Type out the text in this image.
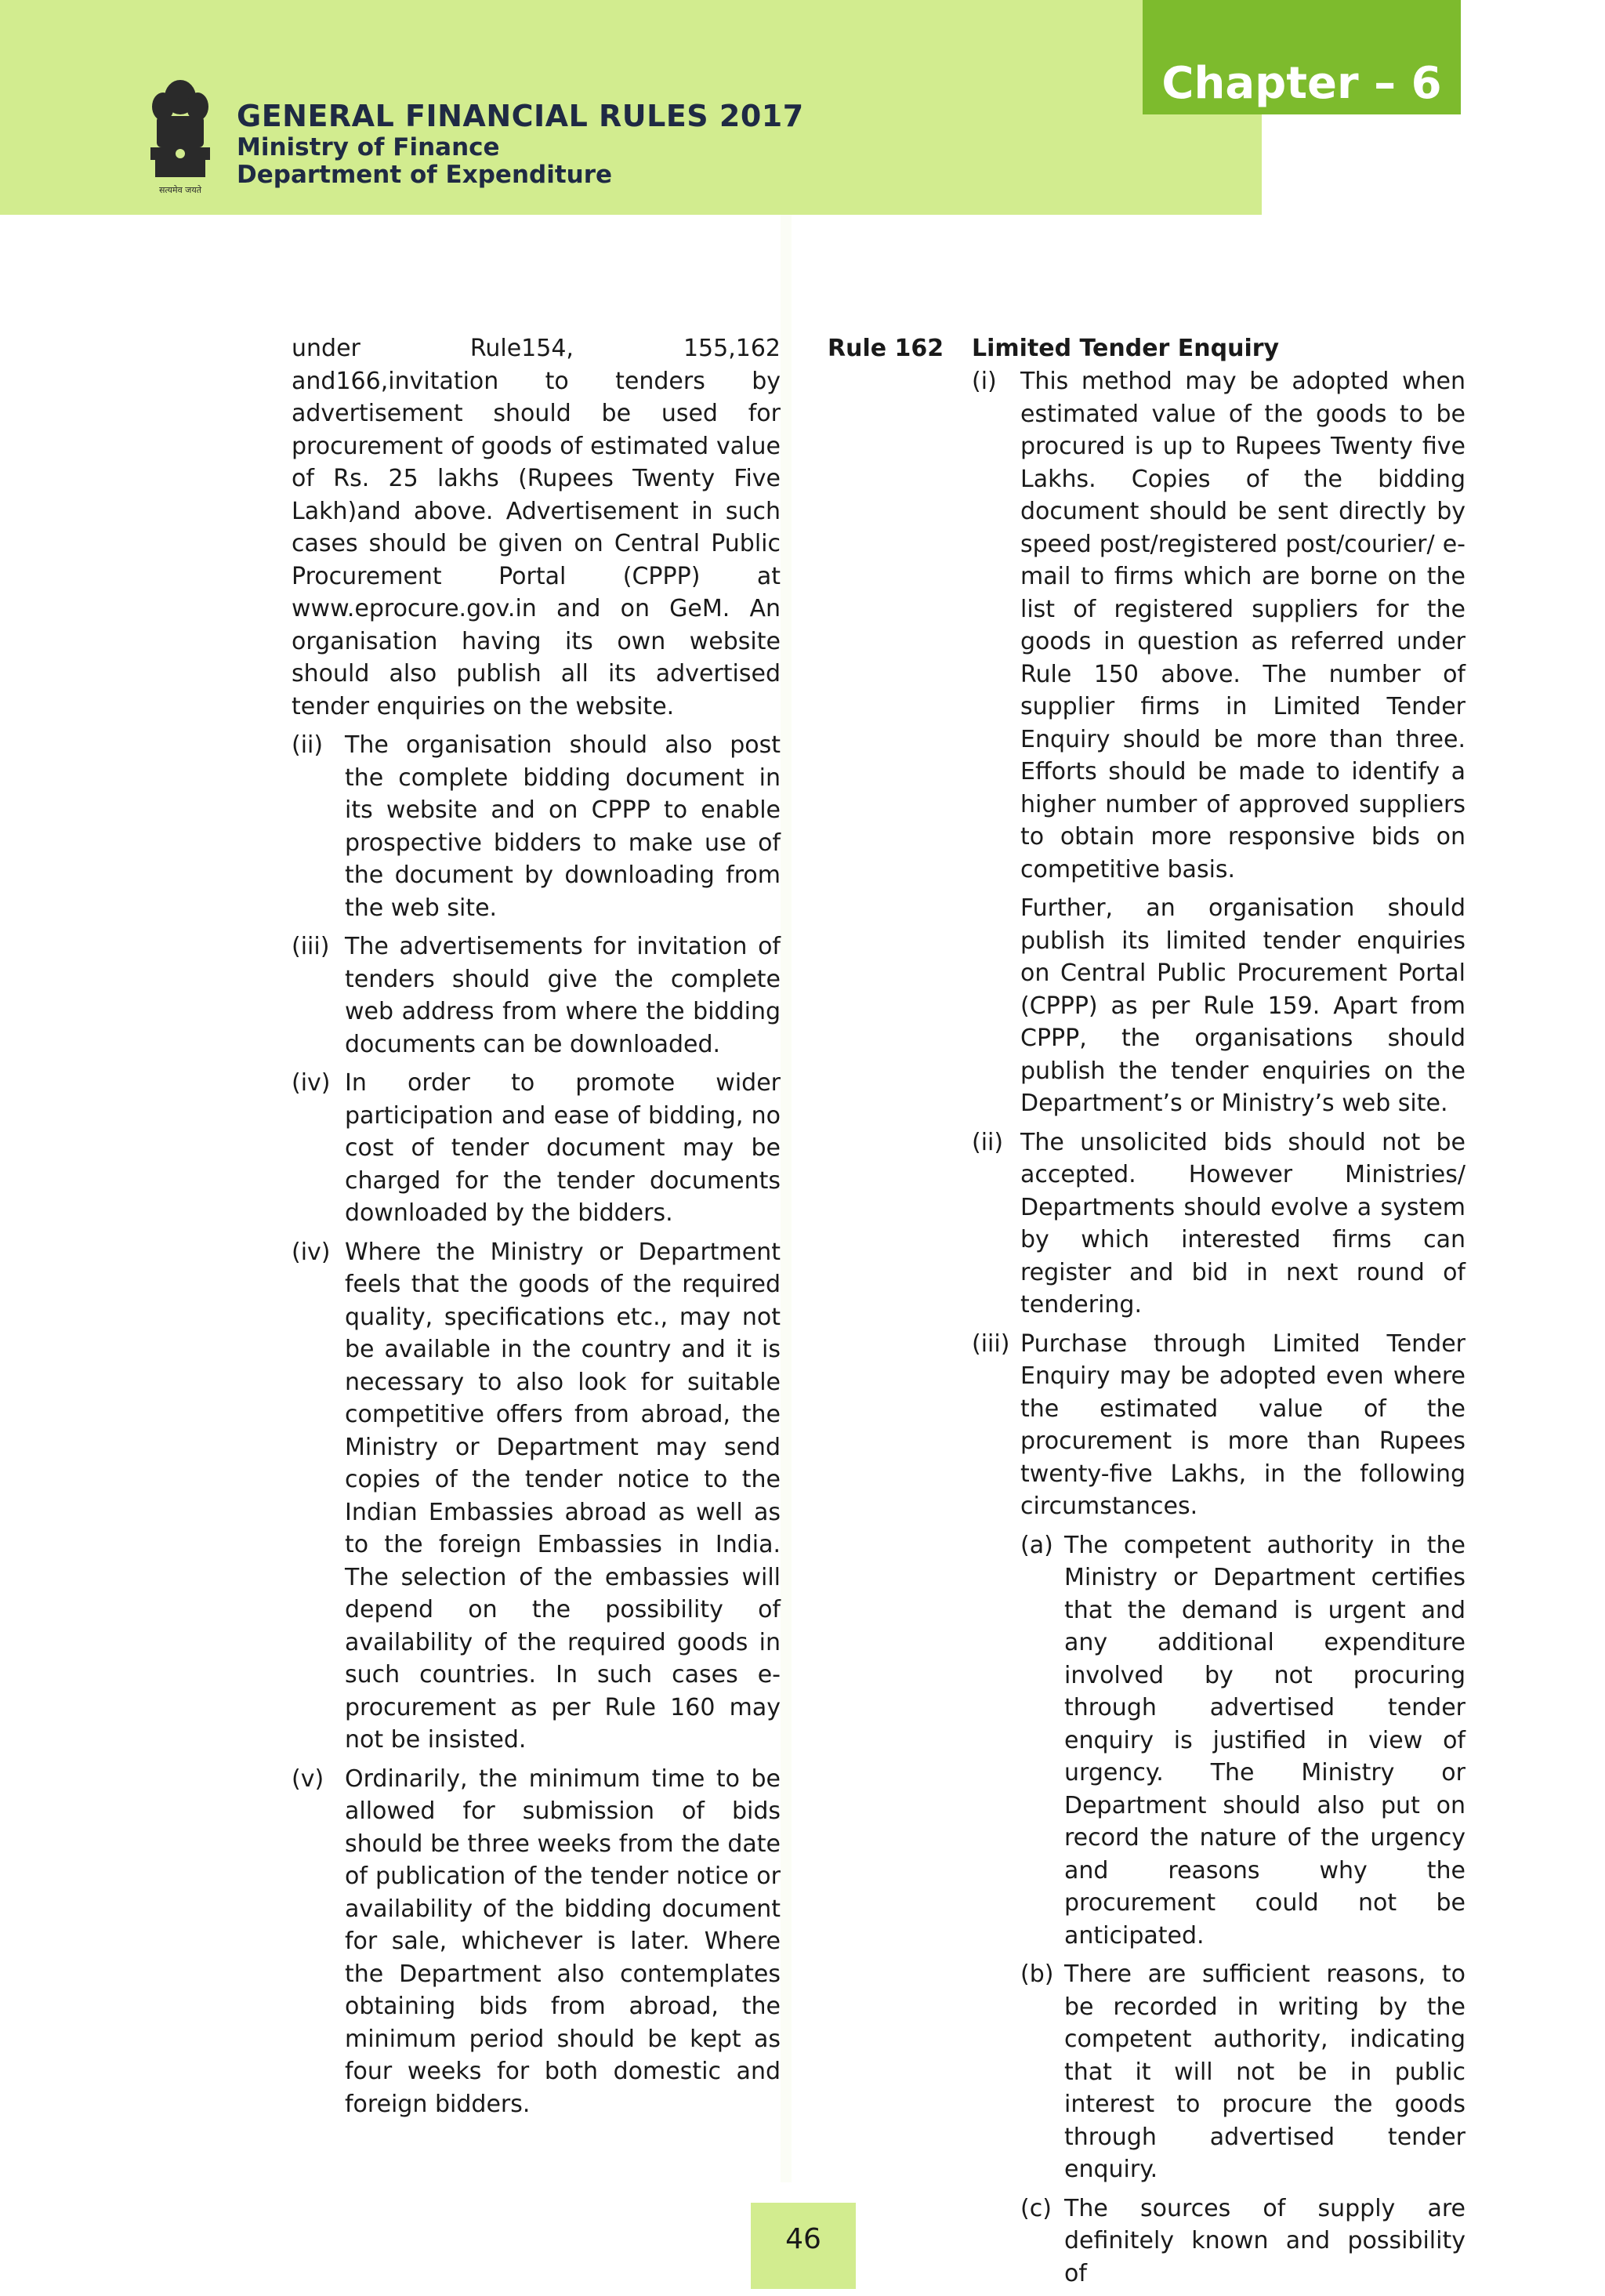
सत्यमेव जयते
GENERAL FINANCIAL RULES 2017
Ministry of Finance
Department of Expenditure
Chapter – 6

under Rule154, 155,162 and166,invitation to tenders by advertisement should be used for procurement of goods of estimated value of Rs. 25 lakhs (Rupees Twenty Five Lakh)and above. Advertisement in such cases should be given on Central Public Procurement Portal (CPPP) at www.eprocure.gov.in and on GeM. An organisation having its own website should also publish all its advertised tender enquiries on the website.

(ii) The organisation should also post the complete bidding document in its website and on CPPP to enable prospective bidders to make use of the document by downloading from the web site.
(iii) The advertisements for invitation of tenders should give the complete web address from where the bidding documents can be downloaded.
(iv) In order to promote wider participation and ease of bidding, no cost of tender document may be charged for the tender documents downloaded by the bidders.
(iv) Where the Ministry or Department feels that the goods of the required quality, specifications etc., may not be available in the country and it is necessary to also look for suitable competitive offers from abroad, the Ministry or Department may send copies of the tender notice to the Indian Embassies abroad as well as to the foreign Embassies in India. The selection of the embassies will depend on the possibility of availability of the required goods in such countries. In such cases e-procurement as per Rule 160 may not be insisted.
(v) Ordinarily, the minimum time to be allowed for submission of bids should be three weeks from the date of publication of the tender notice or availability of the bidding document for sale, whichever is later. Where the Department also contemplates obtaining bids from abroad, the minimum period should be kept as four weeks for both domestic and foreign bidders.
Rule 162 Limited Tender Enquiry
(i) This method may be adopted when estimated value of the goods to be procured is up to Rupees Twenty five Lakhs. Copies of the bidding document should be sent directly by speed post/registered post/courier/ e-mail to firms which are borne on the list of registered suppliers for the goods in question as referred under Rule 150 above. The number of supplier firms in Limited Tender Enquiry should be more than three. Efforts should be made to identify a higher number of approved suppliers to obtain more responsive bids on competitive basis.

Further, an organisation should publish its limited tender enquiries on Central Public Procurement Portal (CPPP) as per Rule 159. Apart from CPPP, the organisations should publish the tender enquiries on the Department’s or Ministry’s web site.

(ii) The unsolicited bids should not be accepted. However Ministries/ Departments should evolve a system by which interested firms can register and bid in next round of tendering.
(iii) Purchase through Limited Tender Enquiry may be adopted even where the estimated value of the procurement is more than Rupees twenty-five Lakhs, in the following circumstances.
(a) The competent authority in the Ministry or Department certifies that the demand is urgent and any additional expenditure involved by not procuring through advertised tender enquiry is justified in view of urgency. The Ministry or Department should also put on record the nature of the urgency and reasons why the procurement could not be anticipated.
(b) There are sufficient reasons, to be recorded in writing by the competent authority, indicating that it will not be in public interest to procure the goods through advertised tender enquiry.
(c) The sources of supply are definitely known and possibility of
46
